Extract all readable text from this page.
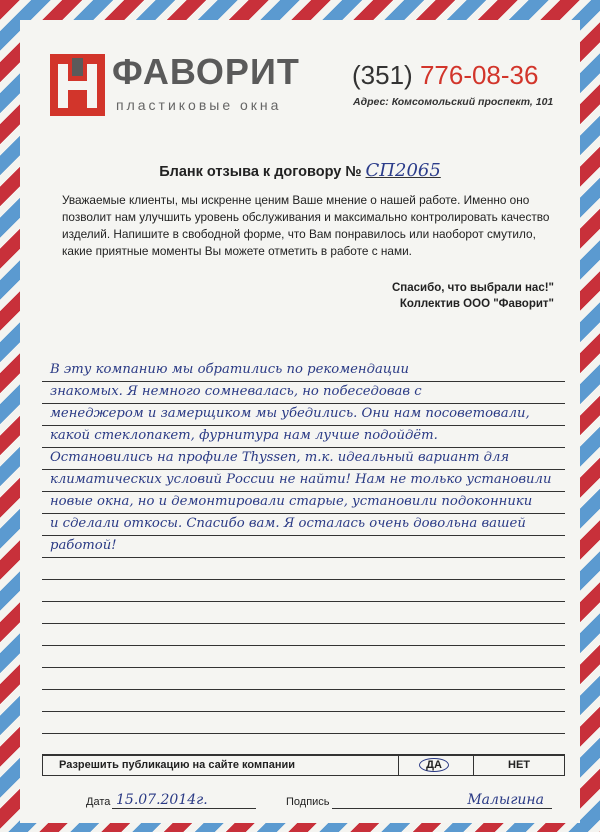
ФАВОРИТ
пластиковые окна
(351) 776-08-36
Адрес: Комсомольский проспект, 101
Бланк отзыва к договору № СП2065
Уважаемые клиенты, мы искренне ценим Ваше мнение о нашей работе. Именно оно позволит нам улучшить уровень обслуживания и максимально контролировать качество изделий. Напишите в свободной форме, что Вам понравилось или наоборот смутило, какие приятные моменты Вы можете отметить в работе с нами.
Спасибо, что выбрали нас!"
Коллектив ООО "Фаворит"
В эту компанию мы обратились по рекомендации
знакомых. Я немного сомневалась, но побеседовав с
менеджером и замерщиком мы убедились. Они нам посоветовали,
какой стеклопакет, фурнитура нам лучше подойдёт.
Остановились на профиле Thyssen, т.к. идеальный вариант для
климатических условий России не найти! Нам не только установили
новые окна, но и демонтировали старые, установили подоконники
и сделали откосы. Спасибо вам. Я осталась очень довольна вашей
работой!
Разрешить публикацию на сайте компании	ДА	НЕТ
Дата 15.07.2014г.	Подпись	Малыгина
